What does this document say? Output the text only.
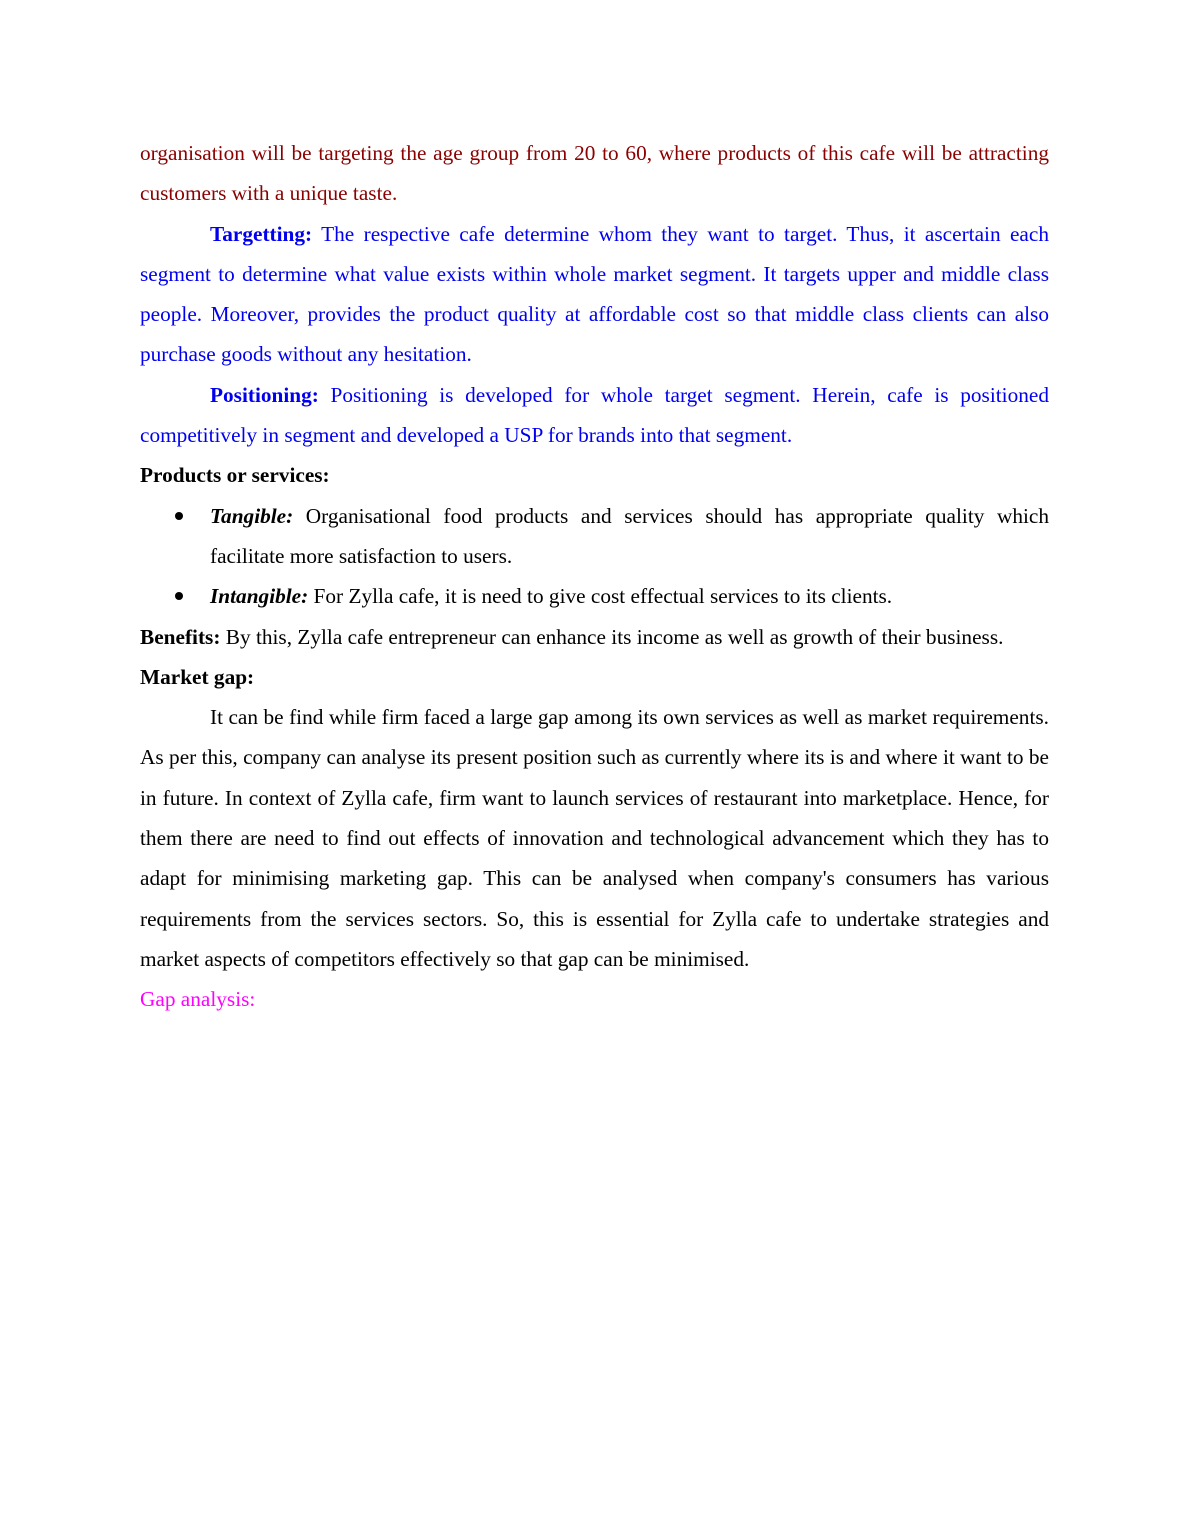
organisation will be targeting the age group from 20 to 60, where products of this cafe will be attracting customers with a unique taste.

Targetting: The respective cafe determine whom they want to target. Thus, it ascertain each segment to determine what value exists within whole market segment. It targets upper and middle class people. Moreover, provides the product quality at affordable cost so that middle class clients can also purchase goods without any hesitation.

Positioning: Positioning is developed for whole target segment. Herein, cafe is positioned competitively in segment and developed a USP for brands into that segment.

Products or services:

Tangible: Organisational food products and services should has appropriate quality which facilitate more satisfaction to users.
Intangible: For Zylla cafe, it is need to give cost effectual services to its clients.

Benefits: By this, Zylla cafe entrepreneur can enhance its income as well as growth of their business.

Market gap:

It can be find while firm faced a large gap among its own services as well as market requirements. As per this, company can analyse its present position such as currently where its is and where it want to be in future. In context of Zylla cafe, firm want to launch services of restaurant into marketplace. Hence, for them there are need to find out effects of innovation and technological advancement which they has to adapt for minimising marketing gap. This can be analysed when company's consumers has various requirements from the services sectors. So, this is essential for Zylla cafe to undertake strategies and market aspects of competitors effectively so that gap can be minimised.

Gap analysis:
